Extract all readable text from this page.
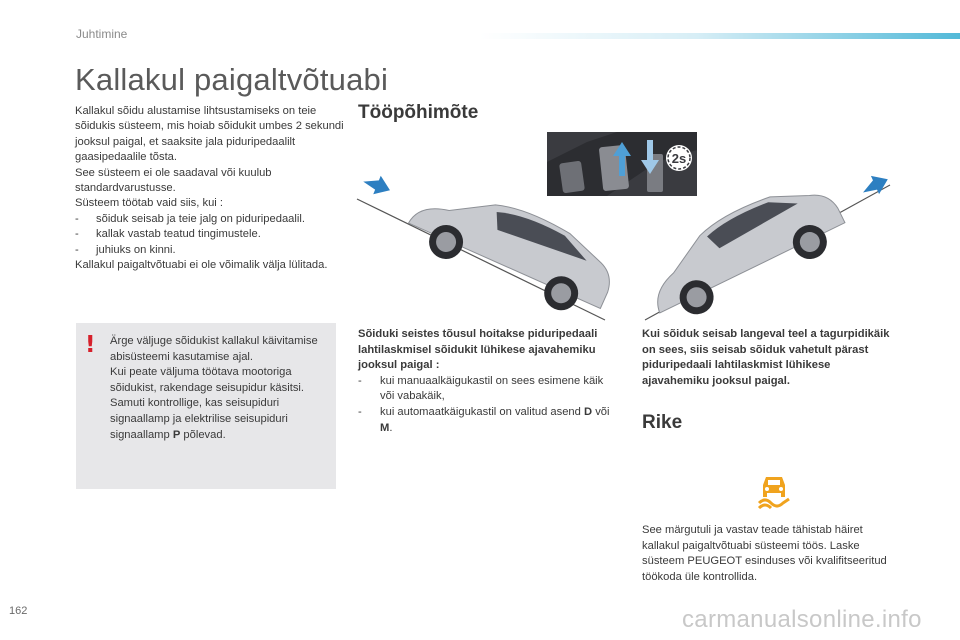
Juhtimine
Kallakul paigaltvõtuabi

Kallakul sõidu alustamise lihtsustamiseks on teie sõidukis süsteem, mis hoiab sõidukit umbes 2 sekundi jooksul paigal, et saaksite jala piduripedaalilt gaasipedaalile tõsta.

See süsteem ei ole saadaval või kuulub standardvarustusse.

Süsteem töötab vaid siis, kui :

-	sõiduk seisab ja teie jalg on piduripedaalil.
-	kallak vastab teatud tingimustele.
-	juhiuks on kinni.

Kallakul paigaltvõtuabi ei ole võimalik välja lülitada.

! Ärge väljuge sõidukist kallakul käivitamise abisüsteemi kasutamise ajal.

Kui peate väljuma töötava mootoriga sõidukist, rakendage seisupidur käsitsi. Samuti kontrollige, kas seisupiduri signaallamp ja elektrilise seisupiduri signaallamp P põlevad.

Tööpõhimõte
2s

Sõiduki seistes tõusul hoitakse piduripedaali lahtilaskmisel sõidukit lühikese ajavahemiku jooksul paigal :

-	kui manuaalkäigukastil on sees esimene käik või vabakäik,
-	kui automaatkäigukastil on valitud asend D või M.
Kui sõiduk seisab langeval teel a tagurpidikäik on sees, siis seisab sõiduk vahetult pärast piduripedaali lahtilaskmist lühikese ajavahemiku jooksul paigal.
Rike
See märgutuli ja vastav teade tähistab häiret kallakul paigaltvõtuabi süsteemi töös. Laske süsteem PEUGEOT esinduses või kvalifitseeritud töökoda üle kontrollida.
162	carmanualsonline.info
